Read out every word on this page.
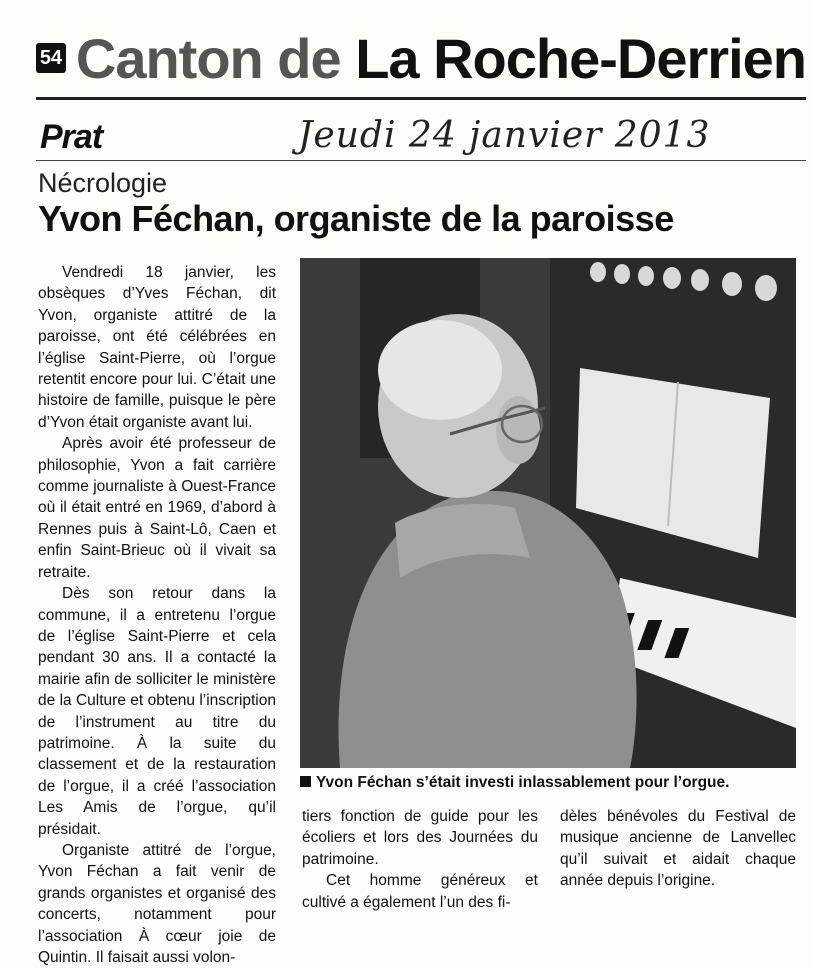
54 Canton de La Roche-Derrien
Prat	Jeudi 24 janvier 2013
Nécrologie
Yvon Féchan, organiste de la paroisse

Vendredi 18 janvier, les obsèques d’Yves Féchan, dit Yvon, organiste attitré de la paroisse, ont été célébrées en l’église Saint-Pierre, où l’orgue retentit encore pour lui. C’était une histoire de famille, puisque le père d’Yvon était organiste avant lui.

Après avoir été professeur de philosophie, Yvon a fait carrière comme journaliste à Ouest-France où il était entré en 1969, d’abord à Rennes puis à Saint-Lô, Caen et enfin Saint-Brieuc où il vivait sa retraite.

Dès son retour dans la commune, il a entretenu l’orgue de l’église Saint-Pierre et cela pendant 30 ans. Il a contacté la mairie afin de solliciter le ministère de la Culture et obtenu l’inscription de l’instrument au titre du patrimoine. À la suite du classement et de la restauration de l’orgue, il a créé l’association Les Amis de l’orgue, qu’il présidait.

Organiste attitré de l’orgue, Yvon Féchan a fait venir de grands organistes et organisé des concerts, notamment pour l’association À cœur joie de Quintin. Il faisait aussi volon-

Yvon Féchan s’était investi inlassablement pour l’orgue.

tiers fonction de guide pour les écoliers et lors des Journées du patrimoine.

Cet homme généreux et cultivé a également l’un des fi-

dèles bénévoles du Festival de musique ancienne de Lanvellec qu’il suivait et aidait chaque année depuis l’origine.
